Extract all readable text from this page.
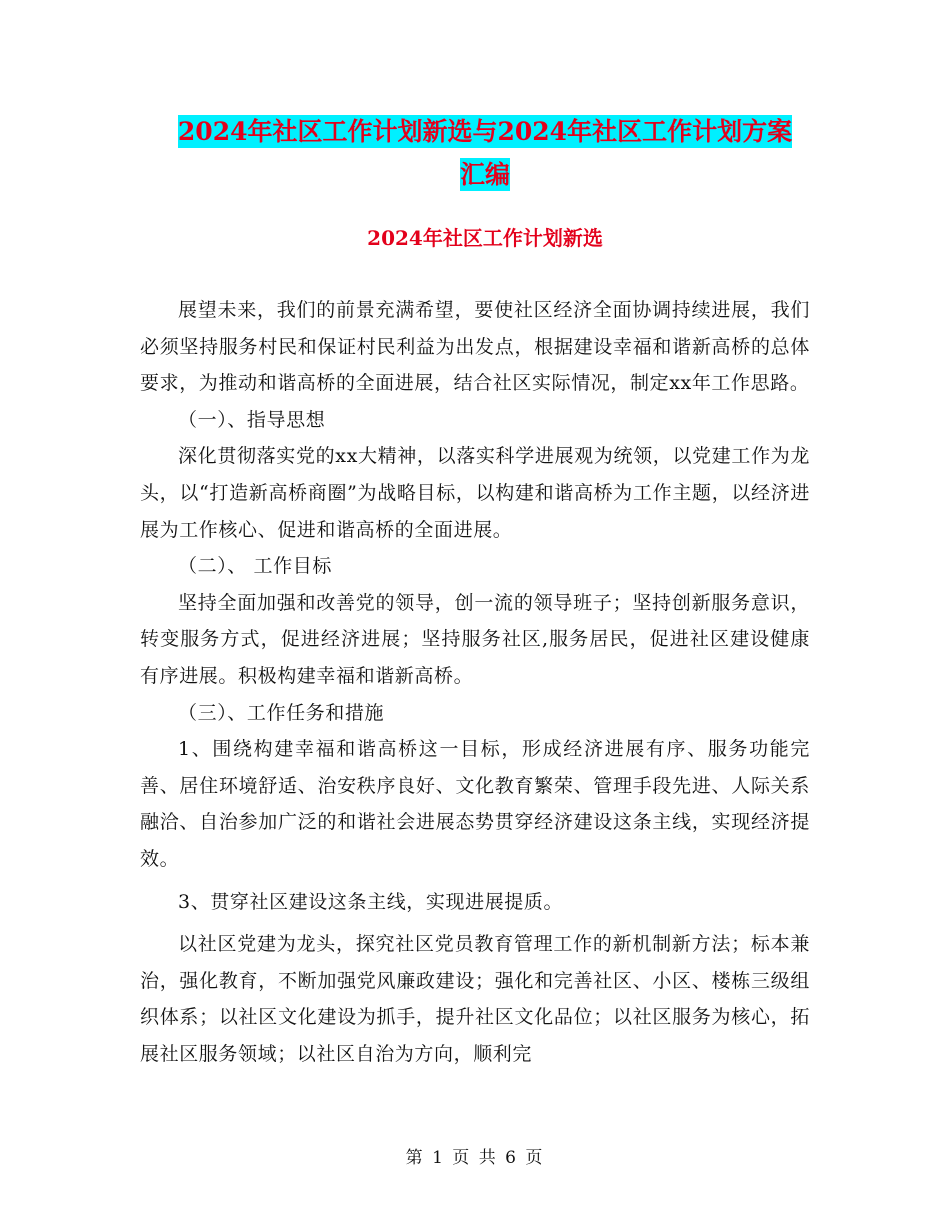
2024年社区工作计划新选与2024年社区工作计划方案
汇编
2024年社区工作计划新选

展望未来，我们的前景充满希望，要使社区经济全面协调持续进展，我们必须坚持服务村民和保证村民利益为出发点，根据建设幸福和谐新高桥的总体要求，为推动和谐高桥的全面进展，结合社区实际情况，制定xx年工作思路。

（一）、指导思想

深化贯彻落实党的xx大精神，以落实科学进展观为统领，以党建工作为龙头，以“打造新高桥商圈”为战略目标，以构建和谐高桥为工作主题，以经济进展为工作核心、促进和谐高桥的全面进展。

（二）、 工作目标

坚持全面加强和改善党的领导，创一流的领导班子；坚持创新服务意识，转变服务方式，促进经济进展；坚持服务社区,服务居民，促进社区建设健康有序进展。积极构建幸福和谐新高桥。

（三）、工作任务和措施

1、围绕构建幸福和谐高桥这一目标，形成经济进展有序、服务功能完善、居住环境舒适、治安秩序良好、文化教育繁荣、管理手段先进、人际关系融洽、自治参加广泛的和谐社会进展态势贯穿经济建设这条主线，实现经济提效。

3、贯穿社区建设这条主线，实现进展提质。

以社区党建为龙头，探究社区党员教育管理工作的新机制新方法；标本兼治，强化教育，不断加强党风廉政建设；强化和完善社区、小区、楼栋三级组织体系；以社区文化建设为抓手，提升社区文化品位；以社区服务为核心，拓展社区服务领域；以社区自治为方向，顺利完

第 1 页 共 6 页
